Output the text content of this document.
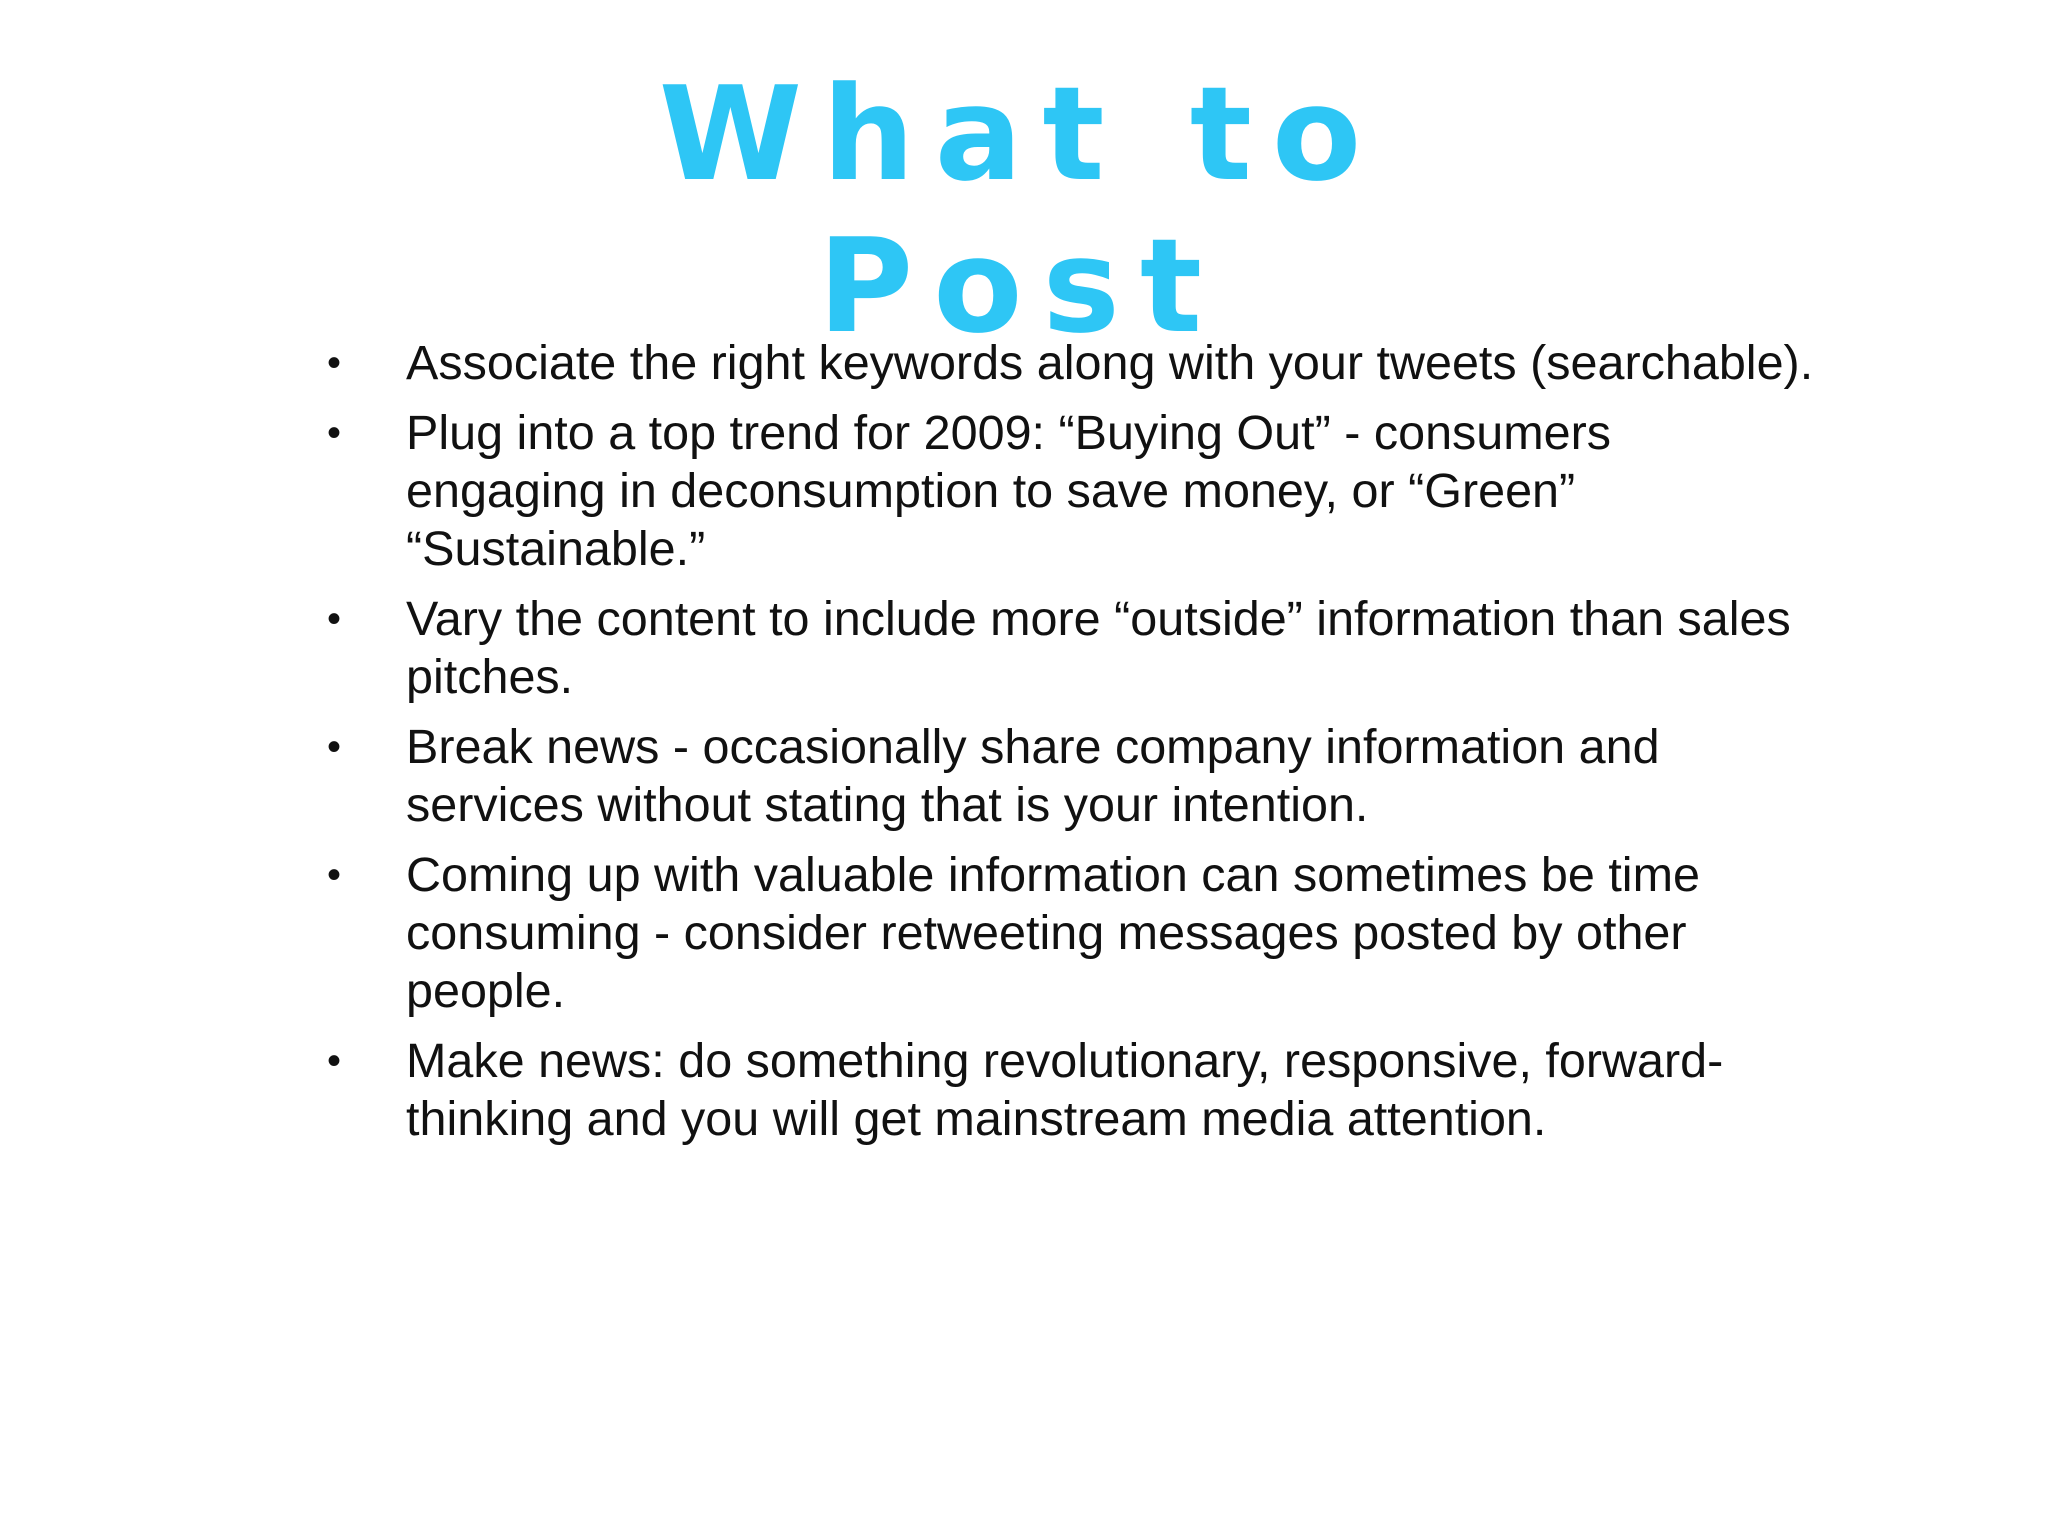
What to
Post
• Associate the right keywords along with your tweets (searchable).
• Plug into a top trend for 2009: “Buying Out” - consumers
engaging in deconsumption to save money, or “Green”
“Sustainable.”
• Vary the content to include more “outside” information than sales
pitches.
• Break news - occasionally share company information and
services without stating that is your intention.
• Coming up with valuable information can sometimes be time
consuming - consider retweeting messages posted by other
people.
• Make news: do something revolutionary, responsive, forward-
thinking and you will get mainstream media attention.
